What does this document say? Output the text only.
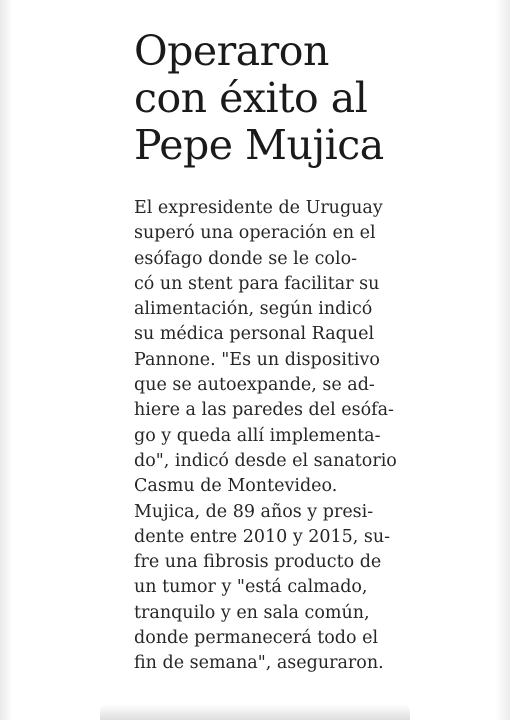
Operaron
con éxito al
Pepe Mujica
El expresidente de Uruguay
superó una operación en el
esófago donde se le colo-
có un stent para facilitar su
alimentación, según indicó
su médica personal Raquel
Pannone. "Es un dispositivo
que se autoexpande, se ad-
hiere a las paredes del esófa-
go y queda allí implementa-
do", indicó desde el sanatorio
Casmu de Montevideo.
Mujica, de 89 años y presi-
dente entre 2010 y 2015, su-
fre una fibrosis producto de
un tumor y "está calmado,
tranquilo y en sala común,
donde permanecerá todo el
fin de semana", aseguraron.
